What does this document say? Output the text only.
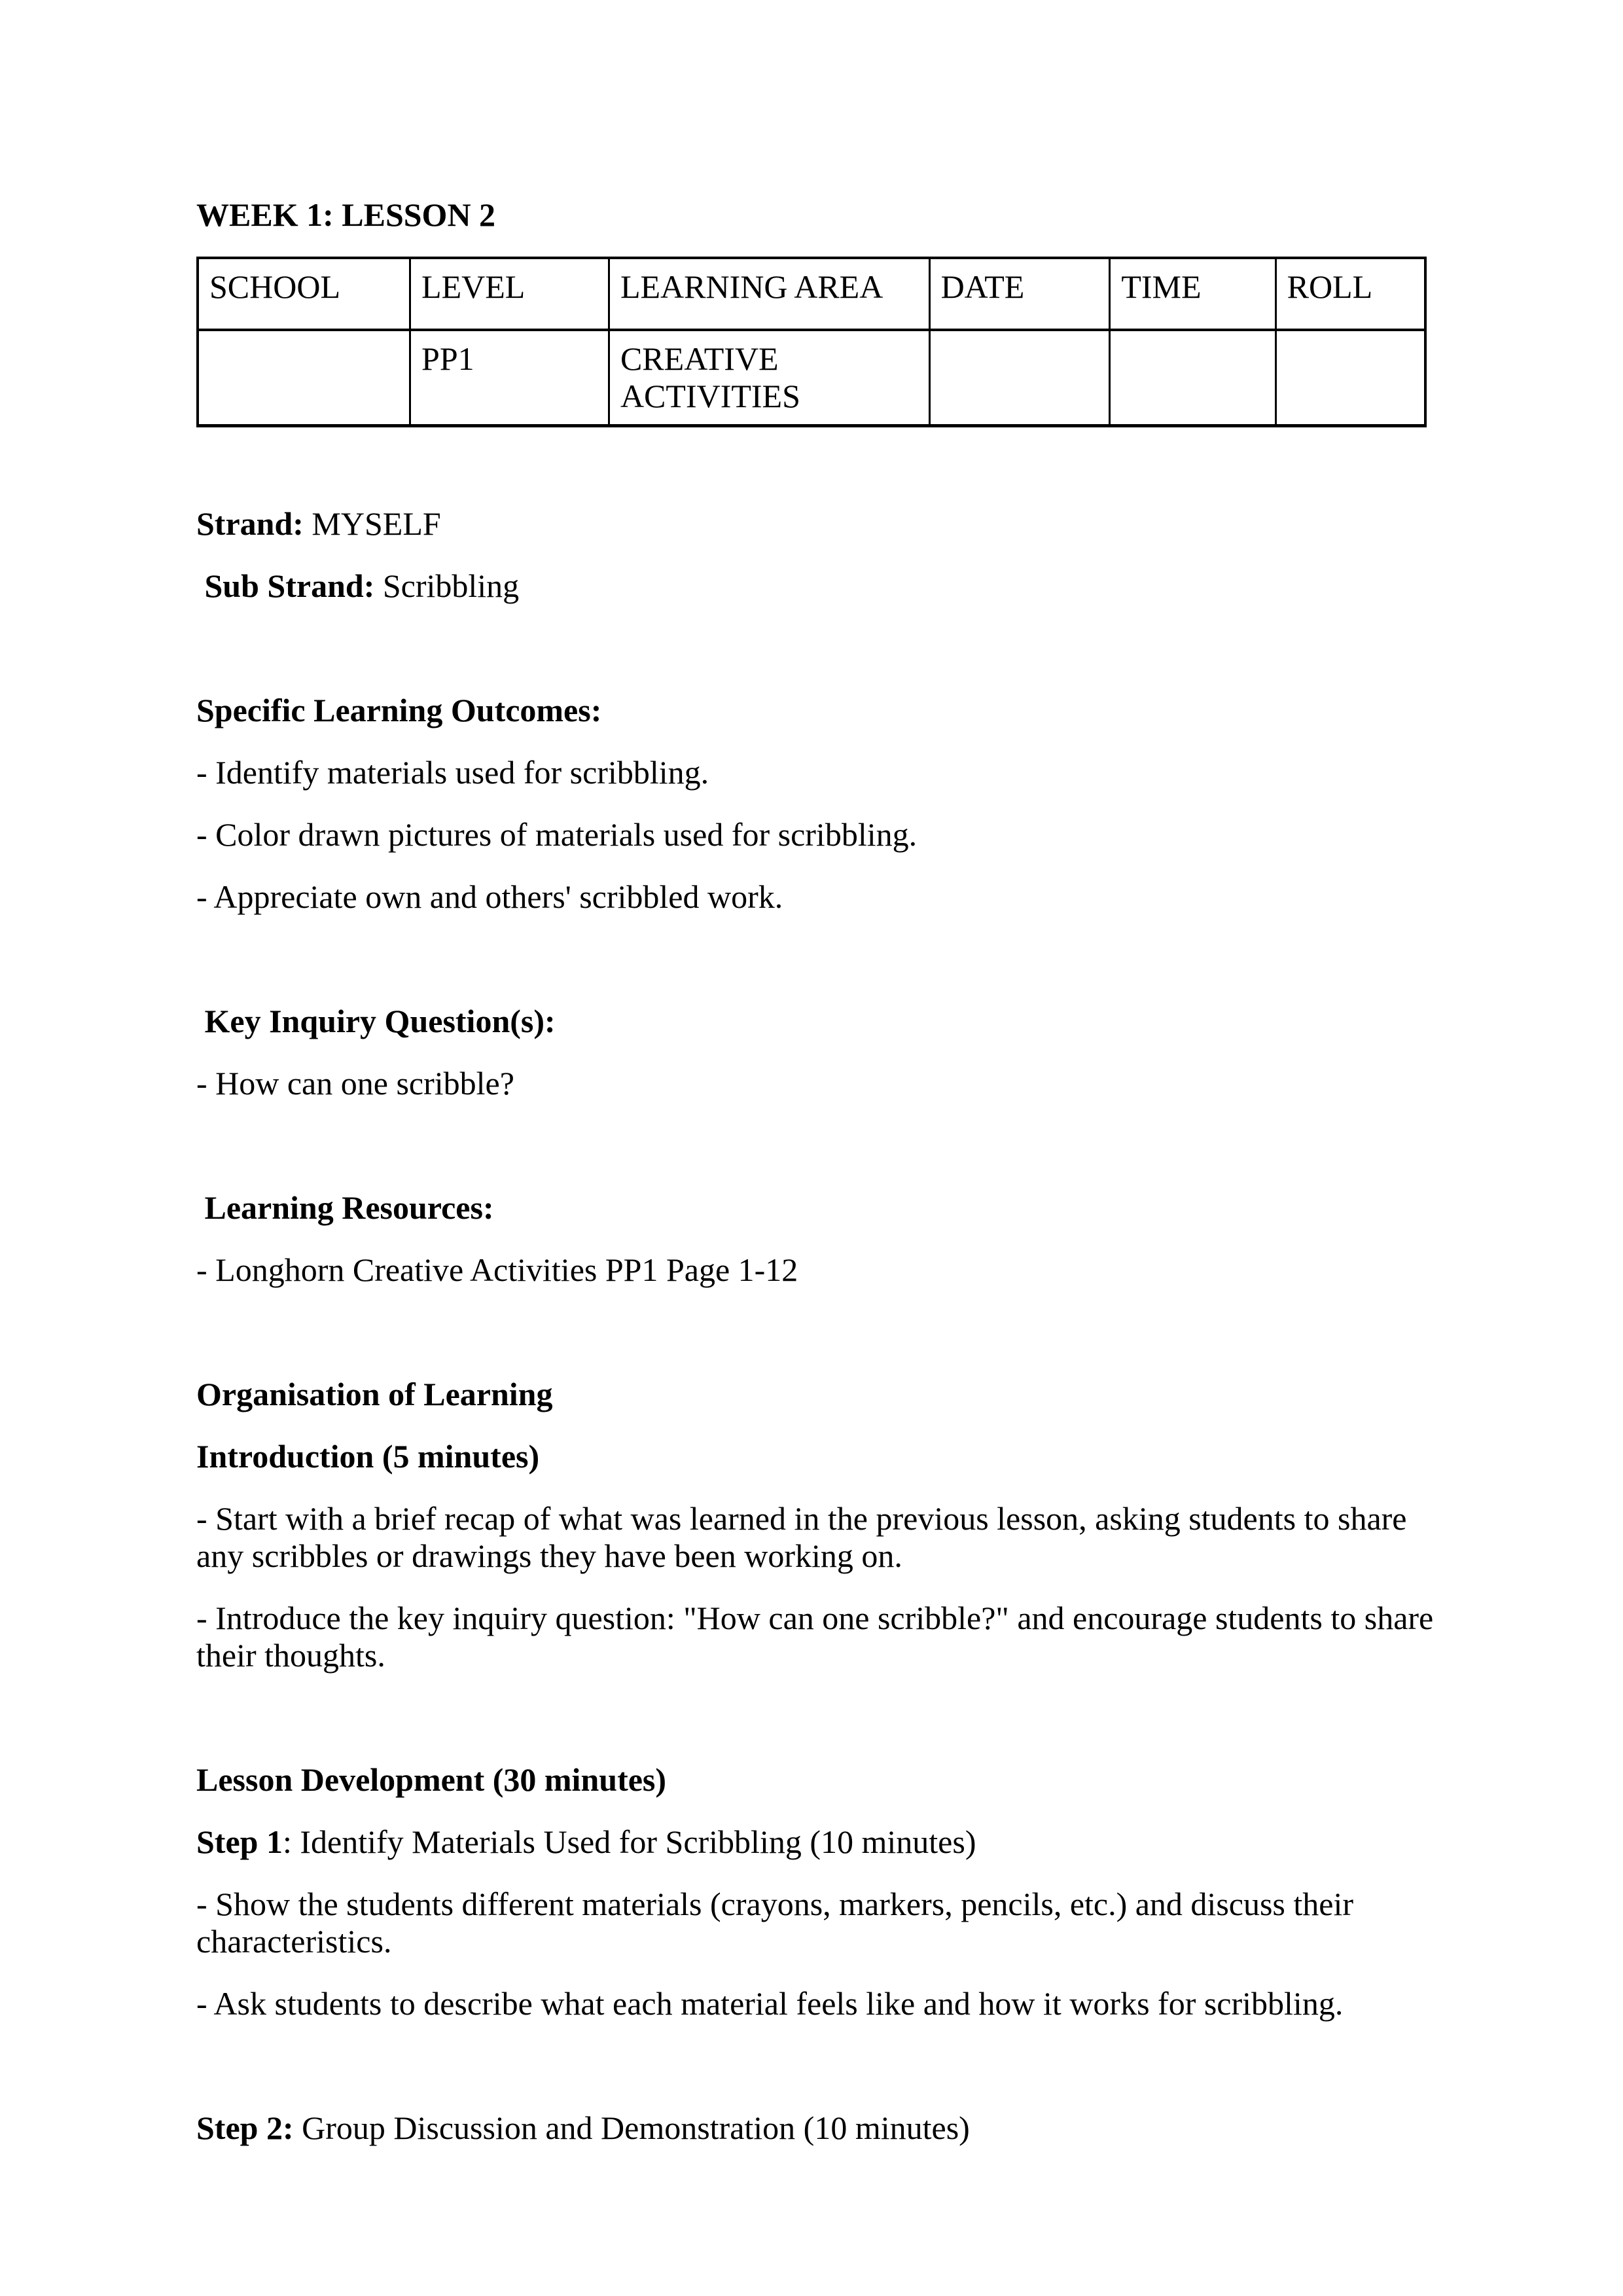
WEEK 1: LESSON 2
SCHOOL	LEVEL	LEARNING AREA	DATE	TIME	ROLL
	PP1	CREATIVE ACTIVITIES			

Strand: MYSELF

Sub Strand: Scribbling

Specific Learning Outcomes:

- Identify materials used for scribbling.

- Color drawn pictures of materials used for scribbling.

- Appreciate own and others' scribbled work.

Key Inquiry Question(s):

- How can one scribble?

Learning Resources:

- Longhorn Creative Activities PP1 Page 1-12

Organisation of Learning

Introduction (5 minutes)

- Start with a brief recap of what was learned in the previous lesson, asking students to share any scribbles or drawings they have been working on.

- Introduce the key inquiry question: "How can one scribble?" and encourage students to share their thoughts.

Lesson Development (30 minutes)

Step 1: Identify Materials Used for Scribbling (10 minutes)

- Show the students different materials (crayons, markers, pencils, etc.) and discuss their characteristics.

- Ask students to describe what each material feels like and how it works for scribbling.

Step 2: Group Discussion and Demonstration (10 minutes)
